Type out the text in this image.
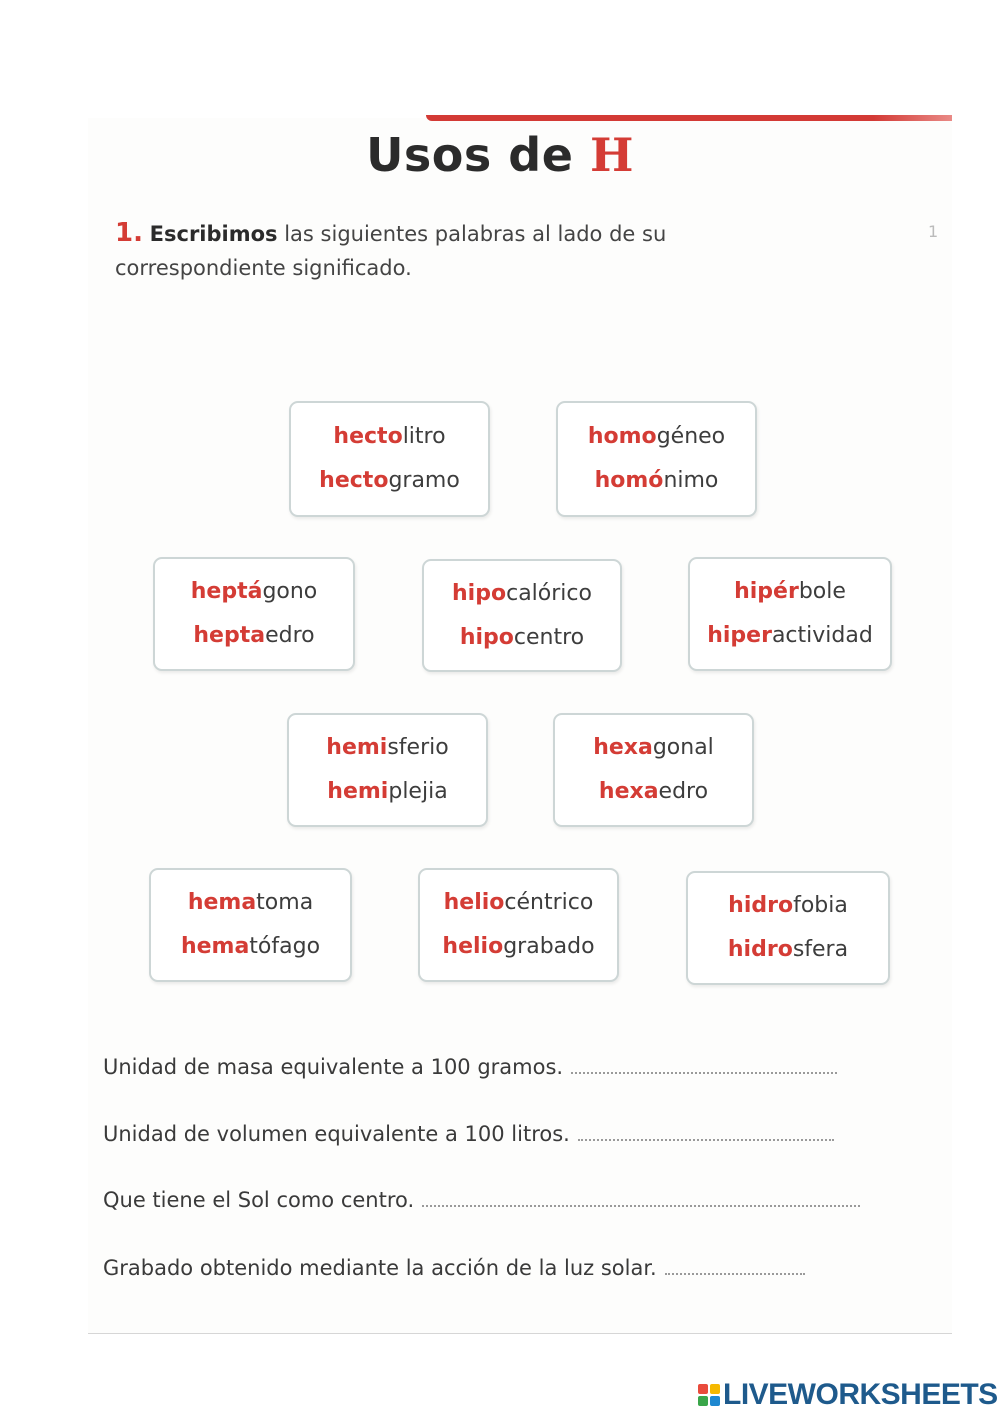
Usos de H
1. Escribimos las siguientes palabras al lado de su
correspondiente significado.
1
hectolitro
hectogramo
homogéneo
homónimo
heptágono
heptaedro
hipocalórico
hipocentro
hipérbole
hiperactividad
hemisferio
hemiplejia
hexagonal
hexaedro
hematoma
hematófago
heliocéntrico
heliograbado
hidrofobia
hidrosfera
Unidad de masa equivalente a 100 gramos.
Unidad de volumen equivalente a 100 litros.
Que tiene el Sol como centro.
Grabado obtenido mediante la acción de la luz solar.
LIVEWORKSHEETS
